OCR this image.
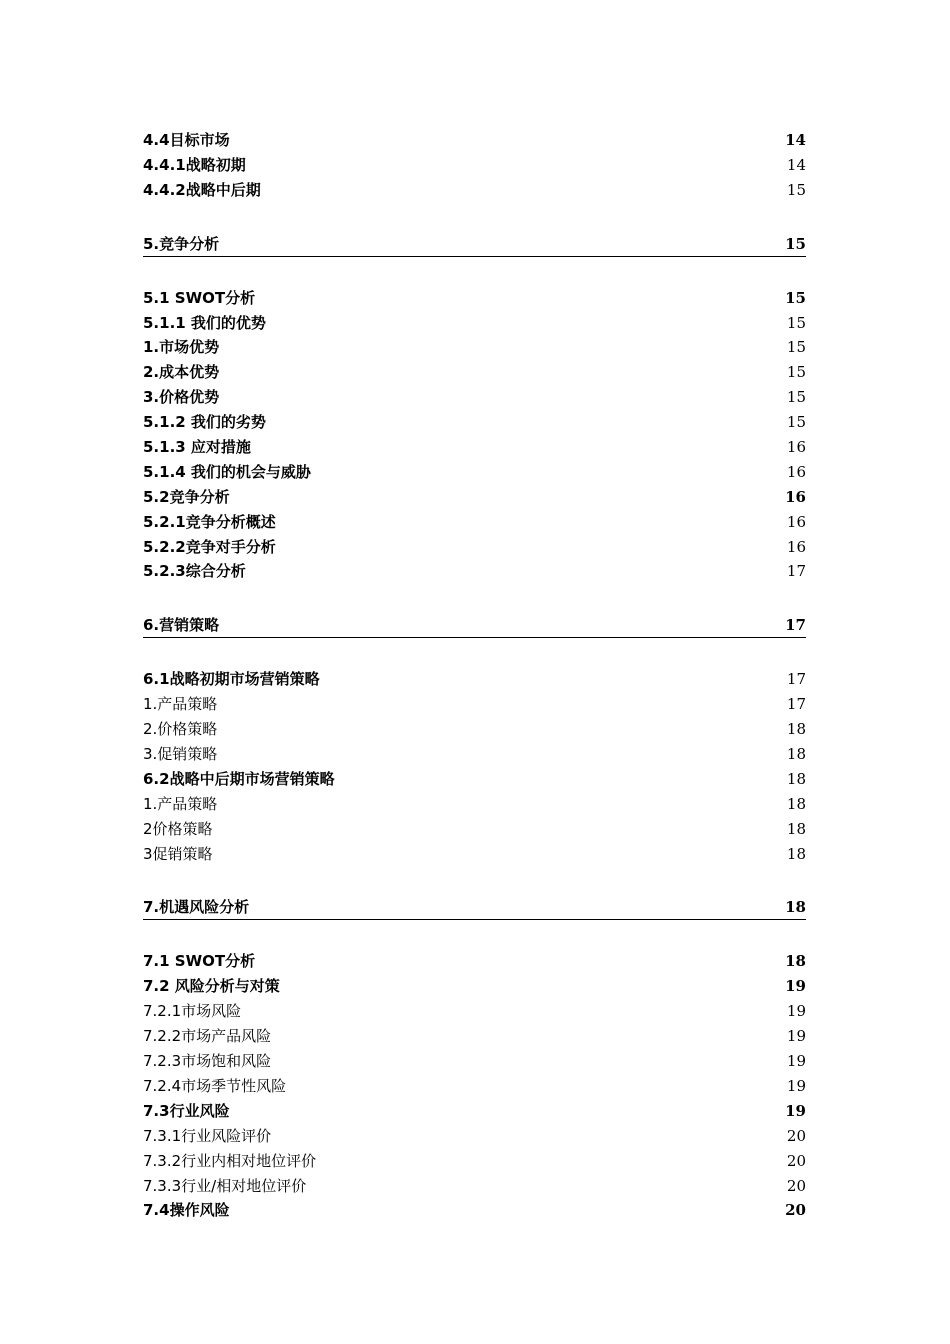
4.4目标市场	14
4.4.1战略初期	14
4.4.2战略中后期	15
5.竞争分析	15
5.1 SWOT分析	15
5.1.1 我们的优势	15
1.市场优势	15
2.成本优势	15
3.价格优势	15
5.1.2 我们的劣势	15
5.1.3 应对措施	16
5.1.4 我们的机会与威胁	16
5.2竞争分析	16
5.2.1竞争分析概述	16
5.2.2竞争对手分析	16
5.2.3综合分析	17
6.营销策略	17
6.1战略初期市场营销策略	17
1.产品策略	17
2.价格策略	18
3.促销策略	18
6.2战略中后期市场营销策略	18
1.产品策略	18
2价格策略	18
3促销策略	18
7.机遇风险分析	18
7.1 SWOT分析	18
7.2 风险分析与对策	19
7.2.1市场风险	19
7.2.2市场产品风险	19
7.2.3市场饱和风险	19
7.2.4市场季节性风险	19
7.3行业风险	19
7.3.1行业风险评价	20
7.3.2行业内相对地位评价	20
7.3.3行业/相对地位评价	20
7.4操作风险	20
